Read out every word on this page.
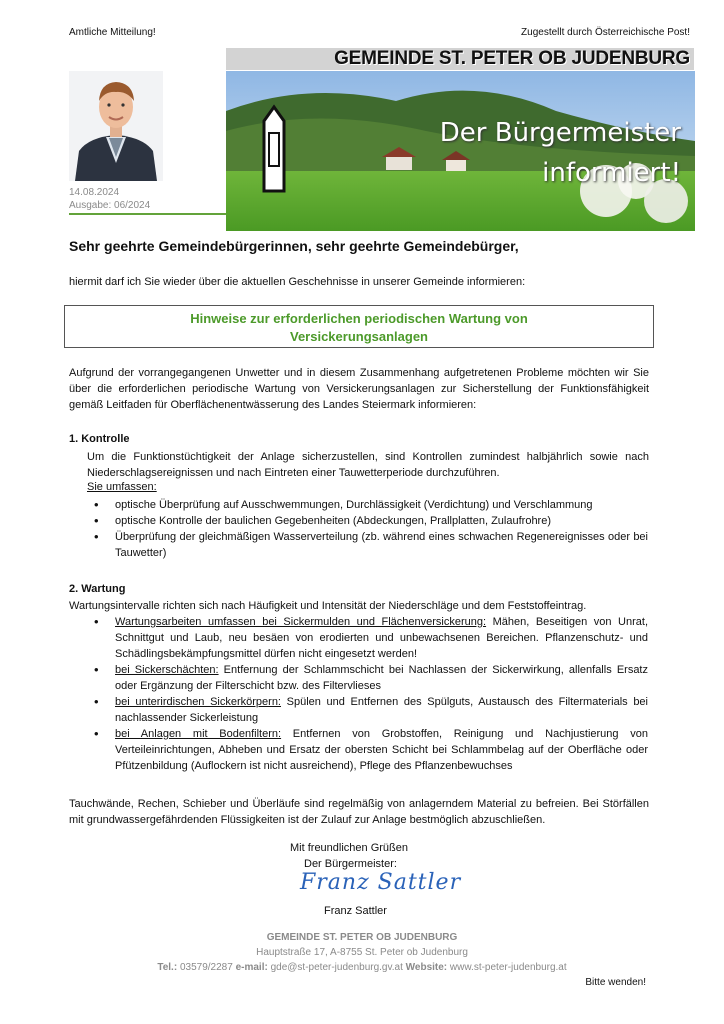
Amtliche Mitteilung!	Zugestellt durch Österreichische Post!
GEMEINDE ST. PETER OB JUDENBURG
14.08.2024
Ausgabe: 06/2024
Der Bürgermeister
informiert!
Sehr geehrte Gemeindebürgerinnen, sehr geehrte Gemeindebürger,
hiermit darf ich Sie wieder über die aktuellen Geschehnisse in unserer Gemeinde informieren:
Hinweise zur erforderlichen periodischen Wartung von
Versickerungsanlagen
Aufgrund der vorrangegangenen Unwetter und in diesem Zusammenhang aufgetretenen Probleme möchten wir Sie über die erforderlichen periodische Wartung von Versickerungsanlagen zur Sicherstellung der Funktionsfähigkeit gemäß Leitfaden für Oberflächenentwässerung des Landes Steiermark informieren:
1. Kontrolle
Um die Funktionstüchtigkeit der Anlage sicherzustellen, sind Kontrollen zumindest halbjährlich sowie nach Niederschlagsereignissen und nach Eintreten einer Tauwetterperiode durchzuführen.
Sie umfassen:
• optische Überprüfung auf Ausschwemmungen, Durchlässigkeit (Verdichtung) und Verschlammung
• optische Kontrolle der baulichen Gegebenheiten (Abdeckungen, Prallplatten, Zulaufrohre)
• Überprüfung der gleichmäßigen Wasserverteilung (zb. während eines schwachen Regenereignisses oder bei Tauwetter)
2. Wartung
Wartungsintervalle richten sich nach Häufigkeit und Intensität der Niederschläge und dem Feststoffeintrag.
• Wartungsarbeiten umfassen bei Sickermulden und Flächenversickerung: Mähen, Beseitigen von Unrat, Schnittgut und Laub, neu besäen von erodierten und unbewachsenen Bereichen. Pflanzenschutz- und Schädlingsbekämpfungsmittel dürfen nicht eingesetzt werden!
• bei Sickerschächten: Entfernung der Schlammschicht bei Nachlassen der Sickerwirkung, allenfalls Ersatz oder Ergänzung der Filterschicht bzw. des Filtervlieses
• bei unterirdischen Sickerkörpern: Spülen und Entfernen des Spülguts, Austausch des Filtermaterials bei nachlassender Sickerleistung
• bei Anlagen mit Bodenfiltern: Entfernen von Grobstoffen, Reinigung und Nachjustierung von Verteileinrichtungen, Abheben und Ersatz der obersten Schicht bei Schlammbelag auf der Oberfläche oder Pfützenbildung (Auflockern ist nicht ausreichend), Pflege des Pflanzenbewuchses
Tauchwände, Rechen, Schieber und Überläufe sind regelmäßig von anlagerndem Material zu befreien. Bei Störfällen mit grundwassergefährdenden Flüssigkeiten ist der Zulauf zur Anlage bestmöglich abzuschließen.
Mit freundlichen Grüßen
Der Bürgermeister:
Franz Sattler
Franz Sattler
GEMEINDE ST. PETER OB JUDENBURG
Hauptstraße 17, A-8755 St. Peter ob Judenburg
Tel.: 03579/2287 e-mail: gde@st-peter-judenburg.gv.at Website: www.st-peter-judenburg.at
Bitte wenden!
